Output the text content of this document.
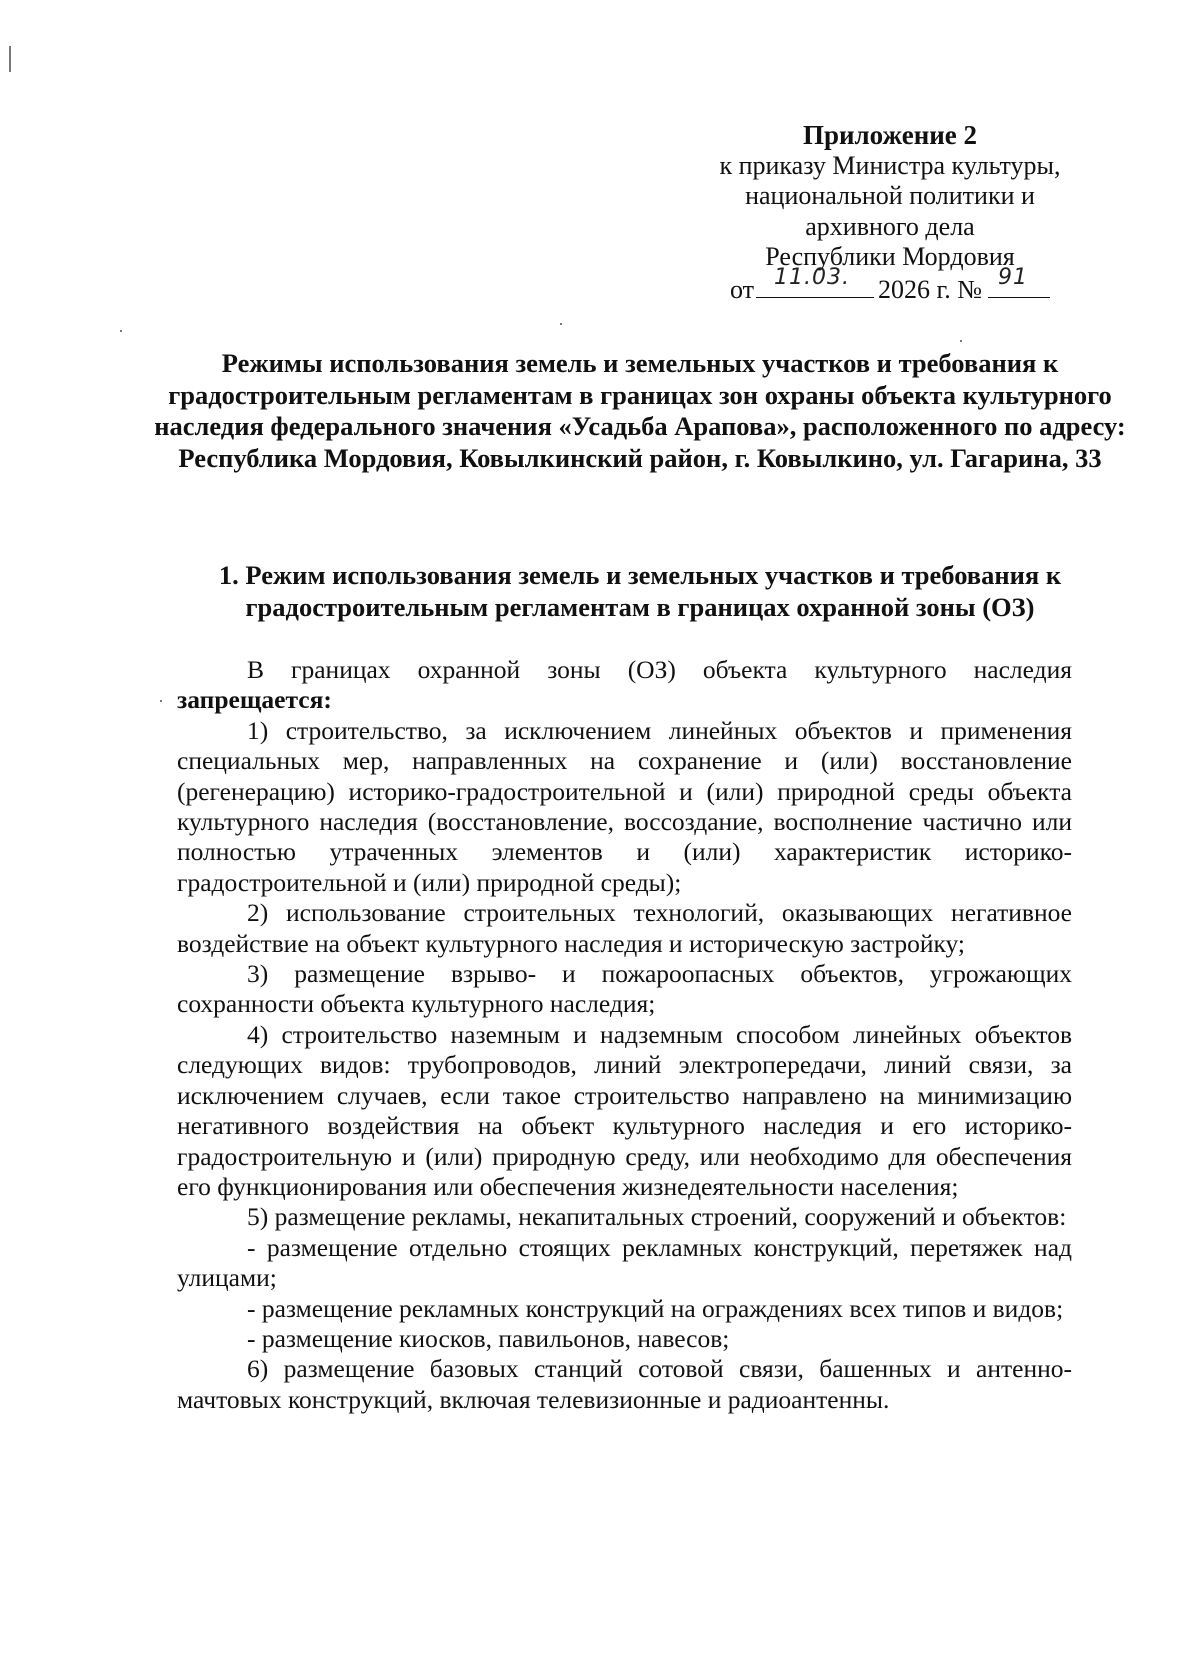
Приложение 2
к приказу Министра культуры,
национальной политики и
архивного дела
Республики Мордовия
от 11.03. 2026 г. № 91
Режимы использования земель и земельных участков и требования к градостроительным регламентам в границах зон охраны объекта культурного наследия федерального значения «Усадьба Арапова», расположенного по адресу: Республика Мордовия, Ковылкинский район, г. Ковылкино, ул. Гагарина, 33
1. Режим использования земель и земельных участков и требования к градостроительным регламентам в границах охранной зоны (ОЗ)

В границах охранной зоны (ОЗ) объекта культурного наследия запрещается:

1) строительство, за исключением линейных объектов и применения специальных мер, направленных на сохранение и (или) восстановление (регенерацию) историко-градостроительной и (или) природной среды объекта культурного наследия (восстановление, воссоздание, восполнение частично или полностью утраченных элементов и (или) характеристик историко-градостроительной и (или) природной среды);

2) использование строительных технологий, оказывающих негативное воздействие на объект культурного наследия и историческую застройку;

3) размещение взрыво- и пожароопасных объектов, угрожающих сохранности объекта культурного наследия;

4) строительство наземным и надземным способом линейных объектов следующих видов: трубопроводов, линий электропередачи, линий связи, за исключением случаев, если такое строительство направлено на минимизацию негативного воздействия на объект культурного наследия и его историко-градостроительную и (или) природную среду, или необходимо для обеспечения его функционирования или обеспечения жизнедеятельности населения;

5) размещение рекламы, некапитальных строений, сооружений и объектов:

- размещение отдельно стоящих рекламных конструкций, перетяжек над улицами;

- размещение рекламных конструкций на ограждениях всех типов и видов;

- размещение киосков, павильонов, навесов;

6) размещение базовых станций сотовой связи, башенных и антенно-мачтовых конструкций, включая телевизионные и радиоантенны.
